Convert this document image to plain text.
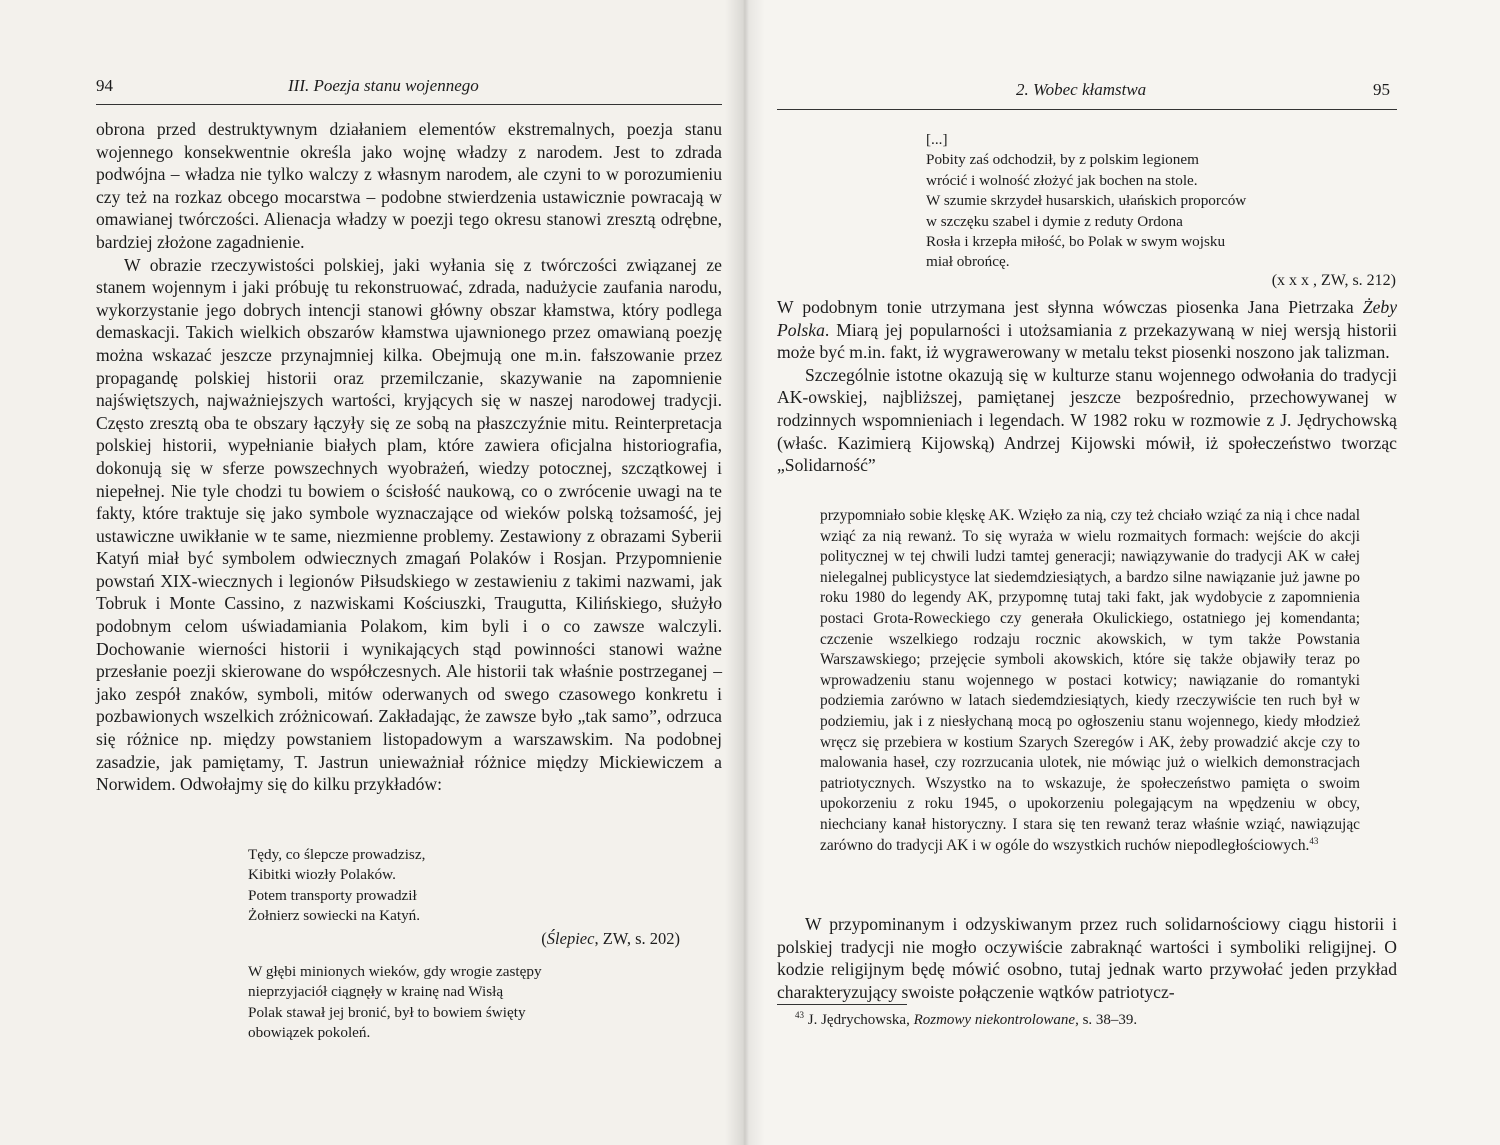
94	III. Poezja stanu wojennego

obrona przed destruktywnym działaniem elementów ekstremalnych, poezja stanu wojennego konsekwentnie określa jako wojnę władzy z narodem. Jest to zdrada podwójna – władza nie tylko walczy z własnym narodem, ale czyni to w porozumieniu czy też na rozkaz obcego mocarstwa – podobne stwierdzenia ustawicznie powracają w omawianej twórczości. Alienacja władzy w poezji tego okresu stanowi zresztą odrębne, bardziej złożone zagadnienie.

W obrazie rzeczywistości polskiej, jaki wyłania się z twórczości związanej ze stanem wojennym i jaki próbuję tu rekonstruować, zdrada, nadużycie zaufania narodu, wykorzystanie jego dobrych intencji stanowi główny obszar kłamstwa, który podlega demaskacji. Takich wielkich obszarów kłamstwa ujawnionego przez omawianą poezję można wskazać jeszcze przynajmniej kilka. Obejmują one m.in. fałszowanie przez propagandę polskiej historii oraz przemilczanie, skazywanie na zapomnienie najświętszych, najważniejszych wartości, kryjących się w naszej narodowej tradycji. Często zresztą oba te obszary łączyły się ze sobą na płaszczyźnie mitu. Reinterpretacja polskiej historii, wypełnianie białych plam, które zawiera oficjalna historiografia, dokonują się w sferze powszechnych wyobrażeń, wiedzy potocznej, szczątkowej i niepełnej. Nie tyle chodzi tu bowiem o ścisłość naukową, co o zwrócenie uwagi na te fakty, które traktuje się jako symbole wyznaczające od wieków polską tożsamość, jej ustawiczne uwikłanie w te same, niezmienne problemy. Zestawiony z obrazami Syberii Katyń miał być symbolem odwiecznych zmagań Polaków i Rosjan. Przypomnienie powstań XIX-wiecznych i legionów Piłsudskiego w zestawieniu z takimi nazwami, jak Tobruk i Monte Cassino, z nazwiskami Kościuszki, Traugutta, Kilińskiego, służyło podobnym celom uświadamiania Polakom, kim byli i o co zawsze walczyli. Dochowanie wierności historii i wynikających stąd powinności stanowi ważne przesłanie poezji skierowane do współczesnych. Ale historii tak właśnie postrzeganej – jako zespół znaków, symboli, mitów oderwanych od swego czasowego konkretu i pozbawionych wszelkich zróżnicowań. Zakładając, że zawsze było „tak samo”, odrzuca się różnice np. między powstaniem listopadowym a warszawskim. Na podobnej zasadzie, jak pamiętamy, T. Jastrun unieważniał różnice między Mickiewiczem a Norwidem. Odwołajmy się do kilku przykładów:

Tędy, co ślepcze prowadzisz,
Kibitki wiozły Polaków.
Potem transporty prowadził
Żołnierz sowiecki na Katyń.
(Ślepiec, ZW, s. 202)
W głębi minionych wieków, gdy wrogie zastępy
nieprzyjaciół ciągnęły w krainę nad Wisłą
Polak stawał jej bronić, był to bowiem święty
obowiązek pokoleń.
2. Wobec kłamstwa	95
[...]
Pobity zaś odchodził, by z polskim legionem
wrócić i wolność złożyć jak bochen na stole.
W szumie skrzydeł husarskich, ułańskich proporców
w szczęku szabel i dymie z reduty Ordona
Rosła i krzepła miłość, bo Polak w swym wojsku
miał obrońcę.
(x x x , ZW, s. 212)

W podobnym tonie utrzymana jest słynna wówczas piosenka Jana Pietrzaka Żeby Polska. Miarą jej popularności i utożsamiania z przekazywaną w niej wersją historii może być m.in. fakt, iż wygrawerowany w metalu tekst piosenki noszono jak talizman.

Szczególnie istotne okazują się w kulturze stanu wojennego odwołania do tradycji AK-owskiej, najbliższej, pamiętanej jeszcze bezpośrednio, przechowywanej w rodzinnych wspomnieniach i legendach. W 1982 roku w rozmowie z J. Jędrychowską (właśc. Kazimierą Kijowską) Andrzej Kijowski mówił, iż społeczeństwo tworząc „Solidarność”

przypomniało sobie klęskę AK. Wzięło za nią, czy też chciało wziąć za nią i chce nadal wziąć za nią rewanż. To się wyraża w wielu rozmaitych formach: wejście do akcji politycznej w tej chwili ludzi tamtej generacji; nawiązywanie do tradycji AK w całej nielegalnej publicystyce lat siedemdziesiątych, a bardzo silne nawiązanie już jawne po roku 1980 do legendy AK, przypomnę tutaj taki fakt, jak wydobycie z zapomnienia postaci Grota-Roweckiego czy generała Okulickiego, ostatniego jej komendanta; czczenie wszelkiego rodzaju rocznic akowskich, w tym także Powstania Warszawskiego; przejęcie symboli akowskich, które się także objawiły teraz po wprowadzeniu stanu wojennego w postaci kotwicy; nawiązanie do romantyki podziemia zarówno w latach siedemdziesiątych, kiedy rzeczywiście ten ruch był w podziemiu, jak i z niesłychaną mocą po ogłoszeniu stanu wojennego, kiedy młodzież wręcz się przebiera w kostium Szarych Szeregów i AK, żeby prowadzić akcje czy to malowania haseł, czy rozrzucania ulotek, nie mówiąc już o wielkich demonstracjach patriotycznych. Wszystko na to wskazuje, że społeczeństwo pamięta o swoim upokorzeniu z roku 1945, o upokorzeniu polegającym na wpędzeniu w obcy, niechciany kanał historyczny. I stara się ten rewanż teraz właśnie wziąć, nawiązując zarówno do tradycji AK i w ogóle do wszystkich ruchów niepodległościowych.$^{43}$

W przypominanym i odzyskiwanym przez ruch solidarnościowy ciągu historii i polskiej tradycji nie mogło oczywiście zabraknąć wartości i symboliki religijnej. O kodzie religijnym będę mówić osobno, tutaj jednak warto przywołać jeden przykład charakteryzujący swoiste połączenie wątków patriotycz-

$^{43}$ J. Jędrychowska, Rozmowy niekontrolowane, s. 38–39.
